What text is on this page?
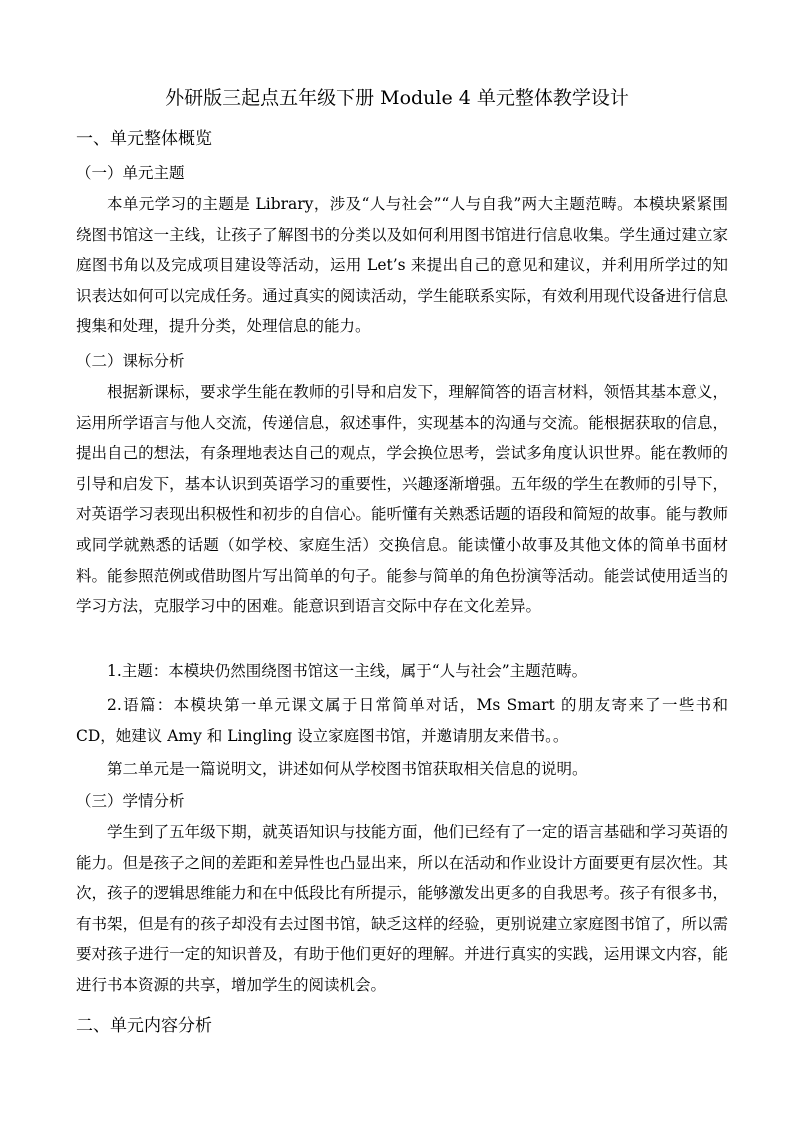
外研版三起点五年级下册 Module 4 单元整体教学设计
一、单元整体概览
（一）单元主题

本单元学习的主题是 Library，涉及“人与社会”“人与自我”两大主题范畴。本模块紧紧围绕图书馆这一主线，让孩子了解图书的分类以及如何利用图书馆进行信息收集。学生通过建立家庭图书角以及完成项目建设等活动，运用 Let’s 来提出自己的意见和建议，并利用所学过的知识表达如何可以完成任务。通过真实的阅读活动，学生能联系实际，有效利用现代设备进行信息搜集和处理，提升分类，处理信息的能力。

（二）课标分析

根据新课标，要求学生能在教师的引导和启发下，理解简答的语言材料，领悟其基本意义，运用所学语言与他人交流，传递信息，叙述事件，实现基本的沟通与交流。能根据获取的信息，提出自己的想法，有条理地表达自己的观点，学会换位思考，尝试多角度认识世界。能在教师的引导和启发下，基本认识到英语学习的重要性，兴趣逐渐增强。五年级的学生在教师的引导下，对英语学习表现出积极性和初步的自信心。能听懂有关熟悉话题的语段和简短的故事。能与教师或同学就熟悉的话题（如学校、家庭生活）交换信息。能读懂小故事及其他文体的简单书面材料。能参照范例或借助图片写出简单的句子。能参与简单的角色扮演等活动。能尝试使用适当的学习方法，克服学习中的困难。能意识到语言交际中存在文化差异。

1.主题：本模块仍然围绕图书馆这一主线，属于“人与社会”主题范畴。

2.语篇：本模块第一单元课文属于日常简单对话，Ms Smart 的朋友寄来了一些书和 CD，她建议 Amy 和 Lingling 设立家庭图书馆，并邀请朋友来借书。。

第二单元是一篇说明文，讲述如何从学校图书馆获取相关信息的说明。
（三）学情分析

学生到了五年级下期，就英语知识与技能方面，他们已经有了一定的语言基础和学习英语的能力。但是孩子之间的差距和差异性也凸显出来，所以在活动和作业设计方面要更有层次性。其次，孩子的逻辑思维能力和在中低段比有所提示，能够激发出更多的自我思考。孩子有很多书，有书架，但是有的孩子却没有去过图书馆，缺乏这样的经验，更别说建立家庭图书馆了，所以需要对孩子进行一定的知识普及，有助于他们更好的理解。并进行真实的实践，运用课文内容，能进行书本资源的共享，增加学生的阅读机会。

二、单元内容分析
